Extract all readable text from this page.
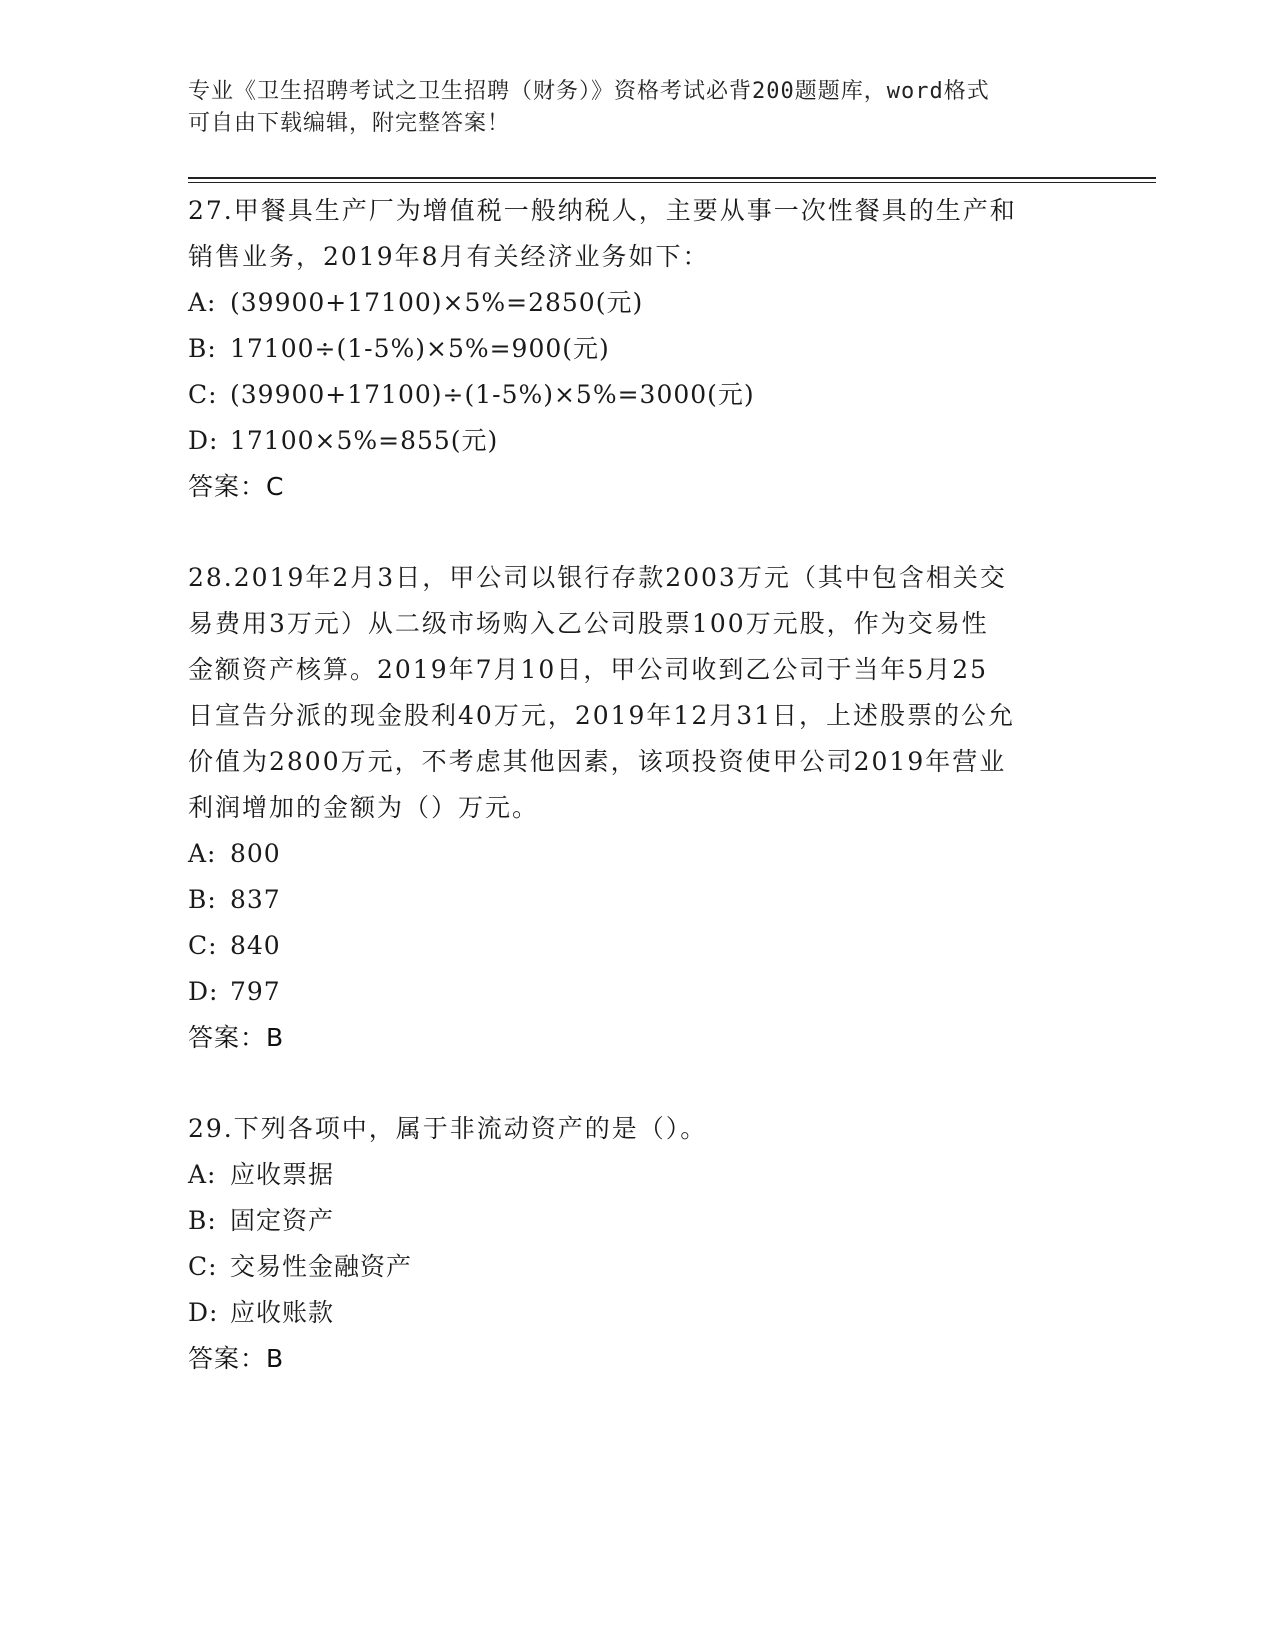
专业《卫生招聘考试之卫生招聘（财务）》资格考试必背200题题库，word格式
可自由下载编辑，附完整答案！
27.甲餐具生产厂为增值税一般纳税人，主要从事一次性餐具的生产和
销售业务，2019年8月有关经济业务如下：
A: (39900+17100)×5%=2850(元)
B: 17100÷(1-5%)×5%=900(元)
C: (39900+17100)÷(1-5%)×5%=3000(元)
D: 17100×5%=855(元)
答案：C
28.2019年2月3日，甲公司以银行存款2003万元（其中包含相关交
易费用3万元）从二级市场购入乙公司股票100万元股，作为交易性
金额资产核算。2019年7月10日，甲公司收到乙公司于当年5月25
日宣告分派的现金股利40万元，2019年12月31日，上述股票的公允
价值为2800万元，不考虑其他因素，该项投资使甲公司2019年营业
利润增加的金额为（）万元。
A: 800
B: 837
C: 840
D: 797
答案：B
29.下列各项中，属于非流动资产的是（）。
A: 应收票据
B: 固定资产
C: 交易性金融资产
D: 应收账款
答案：B
